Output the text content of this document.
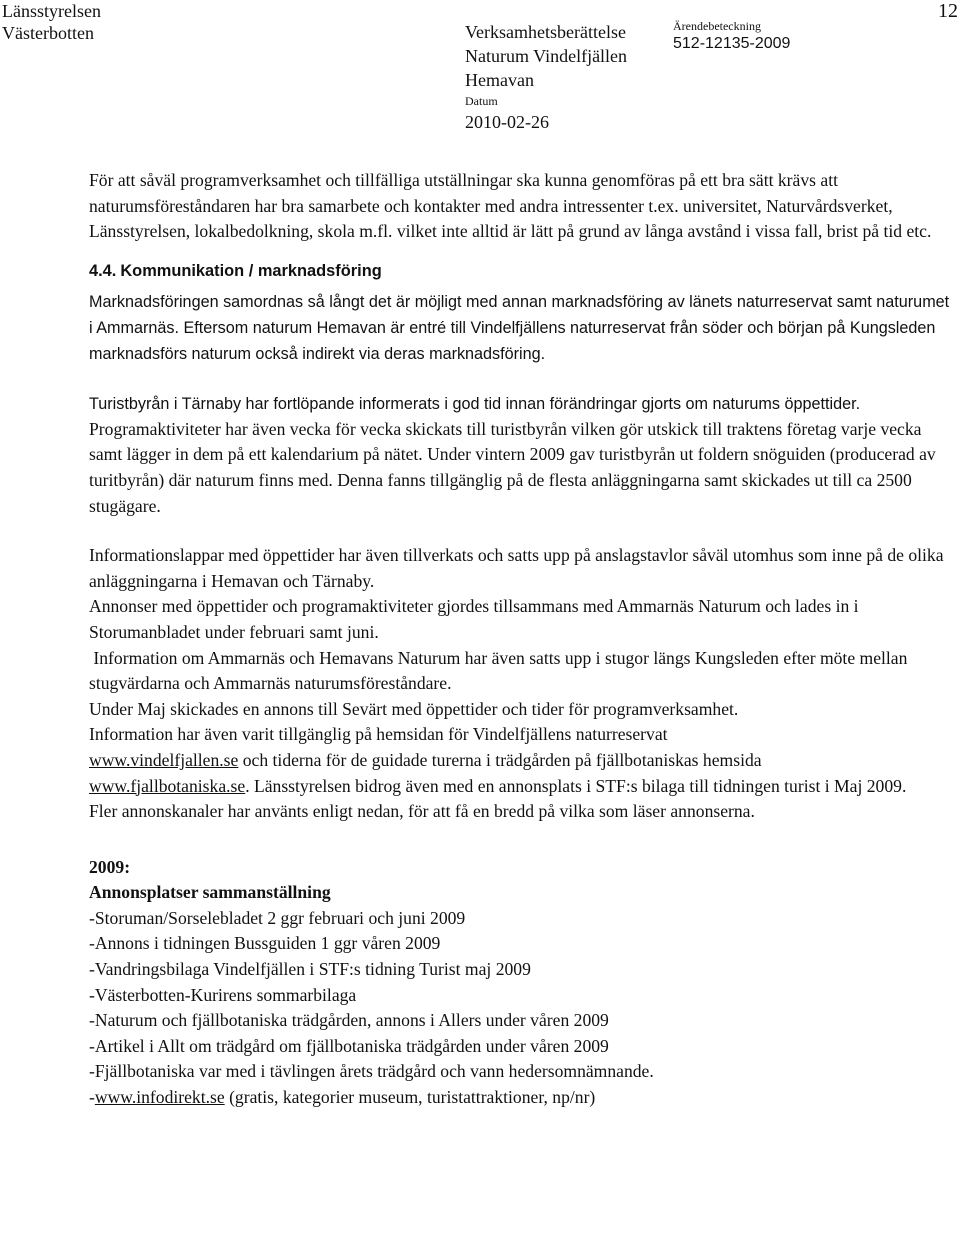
Länsstyrelsen
Västerbotten	Verksamhetsberättelse
Naturum Vindelfjällen
Hemavan
Datum
2010-02-26
Ärendebeteckning
512-12135-2009
12

För att såväl programverksamhet och tillfälliga utställningar ska kunna genomföras på ett bra sätt krävs att naturumsföreståndaren har bra samarbete och kontakter med andra intressenter t.ex. universitet, Naturvårdsverket, Länsstyrelsen, lokalbedolkning, skola m.fl. vilket inte alltid är lätt på grund av långa avstånd i vissa fall, brist på tid etc.

4.4. Kommunikation / marknadsföring

Marknadsföringen samordnas så långt det är möjligt med annan marknadsföring av länets naturreservat samt naturumet i Ammarnäs. Eftersom naturum Hemavan är entré till Vindelfjällens naturreservat från söder och början på Kungsleden marknadsförs naturum också indirekt via deras marknadsföring.

Turistbyrån i Tärnaby har fortlöpande informerats i god tid innan förändringar gjorts om naturums öppettider. Programaktiviteter har även vecka för vecka skickats till turistbyrån vilken gör utskick till traktens företag varje vecka samt lägger in dem på ett kalendarium på nätet. Under vintern 2009 gav turistbyrån ut foldern snöguiden (producerad av turitbyrån) där naturum finns med. Denna fanns tillgänglig på de flesta anläggningarna samt skickades ut till ca 2500 stugägare.

Informationslappar med öppettider har även tillverkats och satts upp på anslagstavlor såväl utomhus som inne på de olika anläggningarna i Hemavan och Tärnaby.

Annonser med öppettider och programaktiviteter gjordes tillsammans med Ammarnäs Naturum och lades in i Storumanbladet under februari samt juni.

Information om Ammarnäs och Hemavans Naturum har även satts upp i stugor längs Kungsleden efter möte mellan stugvärdarna och Ammarnäs naturumsföreståndare.

Under Maj skickades en annons till Sevärt med öppettider och tider för programverksamhet.

Information har även varit tillgänglig på hemsidan för Vindelfjällens naturreservat
www.vindelfjallen.se och tiderna för de guidade turerna i trädgården på fjällbotaniskas hemsida
www.fjallbotaniska.se. Länsstyrelsen bidrog även med en annonsplats i STF:s bilaga till tidningen turist i Maj 2009.

Fler annonskanaler har använts enligt nedan, för att få en bredd på vilka som läser annonserna.

2009:

Annonsplatser sammanställning

-Storuman/Sorselebladet 2 ggr februari och juni 2009
-Annons i tidningen Bussguiden 1 ggr våren 2009
-Vandringsbilaga Vindelfjällen i STF:s tidning Turist maj 2009
-Västerbotten-Kurirens sommarbilaga
-Naturum och fjällbotaniska trädgården, annons i Allers under våren 2009
-Artikel i Allt om trädgård om fjällbotaniska trädgården under våren 2009
-Fjällbotaniska var med i tävlingen årets trädgård och vann hedersomnämnande.
-www.infodirekt.se (gratis, kategorier museum, turistattraktioner, np/nr)
